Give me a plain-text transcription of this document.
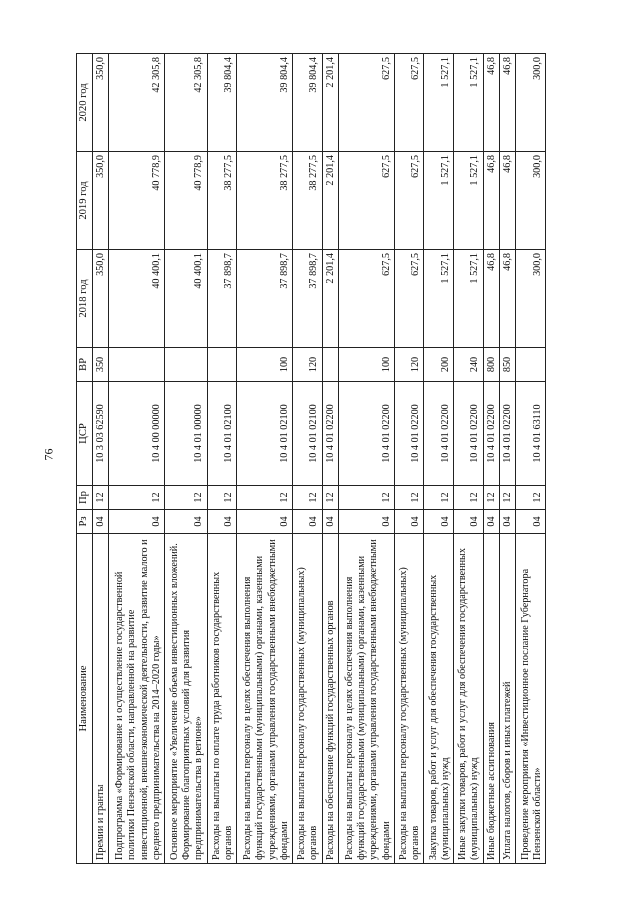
76
Наименование	Рз	Пр	ЦСР	ВР	2018 год	2019 год	2020 год
Премии и гранты	04	12	10 3 03 62590	350	350,0	350,0	350,0
Подпрограмма «Формирование и осуществление государственной политики Пензенской области, направленной на развитие инвестиционной, внешнеэкономической деятельности, развитие малого и среднего предпринимательства на 2014–2020 годы»	04	12	10 4 00 00000		40 400,1	40 778,9	42 305,8
Основное мероприятие «Увеличение объема инвестиционных вложений. Формирование благоприятных условий для развития предпринимательства в регионе»	04	12	10 4 01 00000		40 400,1	40 778,9	42 305,8
Расходы на выплаты по оплате труда работников государственных органов	04	12	10 4 01 02100		37 898,7	38 277,5	39 804,4
Расходы на выплаты персоналу в целях обеспечения выполнения функций государственными (муниципальными) органами, казенными учреждениями, органами управления государственными внебюджетными фондами	04	12	10 4 01 02100	100	37 898,7	38 277,5	39 804,4
Расходы на выплаты персоналу государственных (муниципальных) органов	04	12	10 4 01 02100	120	37 898,7	38 277,5	39 804,4
Расходы на обеспечение функций государственных органов	04	12	10 4 01 02200		2 201,4	2 201,4	2 201,4
Расходы на выплаты персоналу в целях обеспечения выполнения функций государственными (муниципальными) органами, казенными учреждениями, органами управления государственными внебюджетными фондами	04	12	10 4 01 02200	100	627,5	627,5	627,5
Расходы на выплаты персоналу государственных (муниципальных) органов	04	12	10 4 01 02200	120	627,5	627,5	627,5
Закупка товаров, работ и услуг для обеспечения государственных (муниципальных) нужд	04	12	10 4 01 02200	200	1 527,1	1 527,1	1 527,1
Иные закупки товаров, работ и услуг для обеспечения государственных (муниципальных) нужд	04	12	10 4 01 02200	240	1 527,1	1 527,1	1 527,1
Иные бюджетные ассигнования	04	12	10 4 01 02200	800	46,8	46,8	46,8
Уплата налогов, сборов и иных платежей	04	12	10 4 01 02200	850	46,8	46,8	46,8
Проведение мероприятия «Инвестиционное послание Губернатора Пензенской области»	04	12	10 4 01 63110		300,0	300,0	300,0
